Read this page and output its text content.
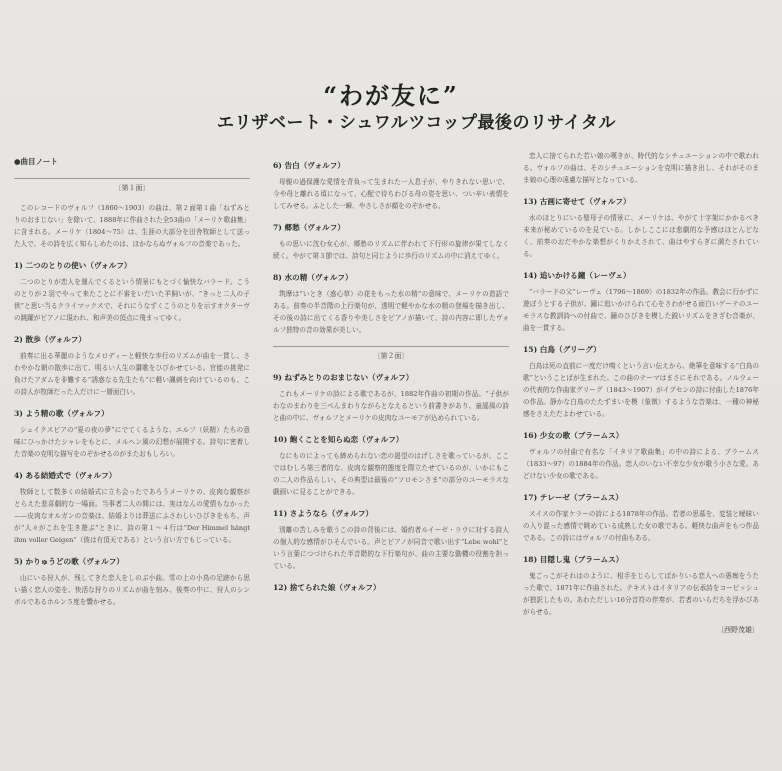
“わが友に”
エリザベート・シュワルツコップ最後のリサイタル
●曲目ノート
〔第１面〕

このレコードのヴォルフ（1860〜1903）の曲は、第２面第１曲「ねずみとりのおまじない」を除いて、1888年に作曲された全53曲の「メーリケ歌曲集」に含まれる。メーリケ（1804〜75）は、生涯の大部分を田舎牧師として送った人で、その詩を広く知らしめたのは、ほかならぬヴォルフの音楽であった。

1) 二つのとりの使い（ヴォルフ）

二つのとりが恋人を運んでくるという情景にもとづく愉快なバラード。こうのとりが２羽でやって来たことに不審をいだいた羊飼いが、“きっと二人の子供”と思い当るクライマックスで、それにうなずくこうのとりを示すオクターヴの跳躍がピアノに現われ、和声美の頂点に飛まってゆく。

2) 散歩（ヴォルフ）

前奏に出る華麗のようなメロディーと軽快な歩行のリズムが曲を一貫し、さわやかな朝の散歩に出て、明るい人生の讃歌をひびかせている。官能の挑発に負けたアダムを非難する“誘惑なる先生たち”に軽い諷刺を向けているのも、この詩人が牧師だった人だけに一層面白い。

3) よう精の歌（ヴォルフ）

シェイクスピアの“夏の夜の夢”にでてくるような、エルフ（妖精）たちの意味にひっかけたシャレをもとに、メルヘン風の幻想が展開する。詩句に密着した音楽の克明な描写をのぞかせるのがまたおもしろい。

4) ある結婚式で（ヴォルフ）

牧師として数多くの結婚式に立ち会ったであろうメーリケの、皮肉な観察がとらえた悲喜劇的な一場面。当事者二人の間には、実はなんの愛情もなかった——皮肉なオルガンの音楽は、結婚よりは葬送にふさわしいひびきをもち、声が“人々がこれを生き遊ぶ”ときに、詩の第１〜４行は“Der Himmel hängt ihm voller Geigen”（彼は有頂天である）という言い方でもじっている。

5) かりゅうどの歌（ヴォルフ）

山にいる狩人が、残してきた恋人をしのぶ小曲。雪の上の小鳥の足跡から思い描く恋人の姿を、快活な狩りのリズムが曲を刻み、後奏の中に、狩人のシンボルであるホルン５度を響かせる。

6) 告白（ヴォルフ）

母親の過保護な愛情を背負って生まれた一人息子が、やりきれない思いで、今や母と離れる頃になって、心配で待ちわびる母の姿を思い、つい辛い表情をしてみせる。ふとした一瞬、やさしさが顔をのぞかせる。

7) 郷愁（ヴォルフ）

もの思いに沈む女心が、郷愁のリズムに伴われて下行形の旋律が果てしなく続く。やがて第３節では、詩句と同じように歩行のリズムの中に消えてゆく。

8) 水の精（ヴォルフ）

筑摩は“いとき（惑心草）の花をもった水の精”の意味で、メーリケの造語である。前奏の半音階の上行楽句が、透明で軽やかな水の精の登場を描き出し、その後の詩に出てくる香りや美しさをピアノが描いて、詩の内容に即したヴォルフ独特の音の効果が美しい。

〔第２面〕
9) ねずみとりのおまじない（ヴォルフ）

これもメーリケの詩による歌であるが、1882年作曲の初期の作品。“子供がわなのまわりを三べんまわりながらとなえるという前書きがあり、童謡風の詩と曲の中に、ヴォルフとメーリケの皮肉なユーモアが込められている。

10) 飽くことを知らぬ恋（ヴォルフ）

なにものによっても締められない恋の渇望のはげしさを歌っているが、ここではむしろ第三者的な、皮肉な観察的態度を際立たせているのが、いかにもこの二人の作品らしい。その典型は最後の“ソロモンさま”の部分のユーモラスな戯画いに見ることができる。

11) さようなら（ヴォルフ）

別離の苦しみを歌うこの詩の背後には、婚約者ルイーゼ・ラウに対する詩人の個人的な感情がひそんでいる。声とピアノが同音で歌い出す“Lebe wohl”という言葉につづけられた半音階的な下行楽句が、曲の主要な動機の役割を担っている。

12) 捨てられた娘（ヴォルフ）

恋人に捨てられた若い娘の嘆きが、時代的なシチュエーションの中で歌われる。ヴォルフの曲は、そのシチュエーションを克明に描き出し、それがそのまま娘の心理の遠慮な描写となっている。

13) 古画に寄せて（ヴォルフ）

水のほとりにいる聖母子の情景に、メーリケは、やがて十字架にかかるべき未来が秘めているのを見ている。しかしここには悲劇的な予感はほとんどなく、前奏のおだやかな楽想がくりかえされて、曲はやすらぎに満たされている。

14) 追いかける鐘（レーヴェ）

“バラードの父”レーヴェ（1796〜1869）の1832年の作品。教会に行かずに遊ぼうとする子供が、鐘に追いかけられて心をさわがせる面白いゲーテのユーモラスな教訓詩への付曲で、鐘のひびきを模した鋭いリズムをきざむ音楽が、曲を一貫する。

15) 白鳥（グリーグ）

白鳥は死の直前に一度だけ鳴くという言い伝えから、絶筆を意味する“白鳥の歌”ということばが生まれた。この曲のテーマはまさにそれである。ノルウェーの代表的な作曲家グリーグ（1843〜1907）がイプセンの詩に付曲した1876年の作品。静かな白鳥のたたずまいを模（象徴）するような音楽は、一種の神秘感をさえただよわせている。

16) 少女の歌（ブラームス）

ヴォルフの付曲で有名な「イタリア歌曲集」の中の詩による、ブラームス（1833〜97）の1884年の作品。恋人のいない不幸な少女が歌う小さな愛。あどけない少女の歌である。

17) テレーゼ（ブラームス）

スイスの作家ケラーの詩による1878年の作品。若者の思慕を、変装と曖昧いの入り混った感情で眺めている成熟した女の歌である。軽快な曲声をもつ作品である。この詩にはヴォルフの付曲もある。

18) 目隠し鬼（ブラームス）

鬼ごっこがそれはのように、相手をじらしてばかりいる恋人への愚痴をうたった歌で、1871年に作曲された。テキストはイタリアの伝承詩をコーピッシュが独訳したもの。あわただしい16分音符の伴奏が、若者のいらだちを浮かびあがらせる。

〔西野茂雄〕
